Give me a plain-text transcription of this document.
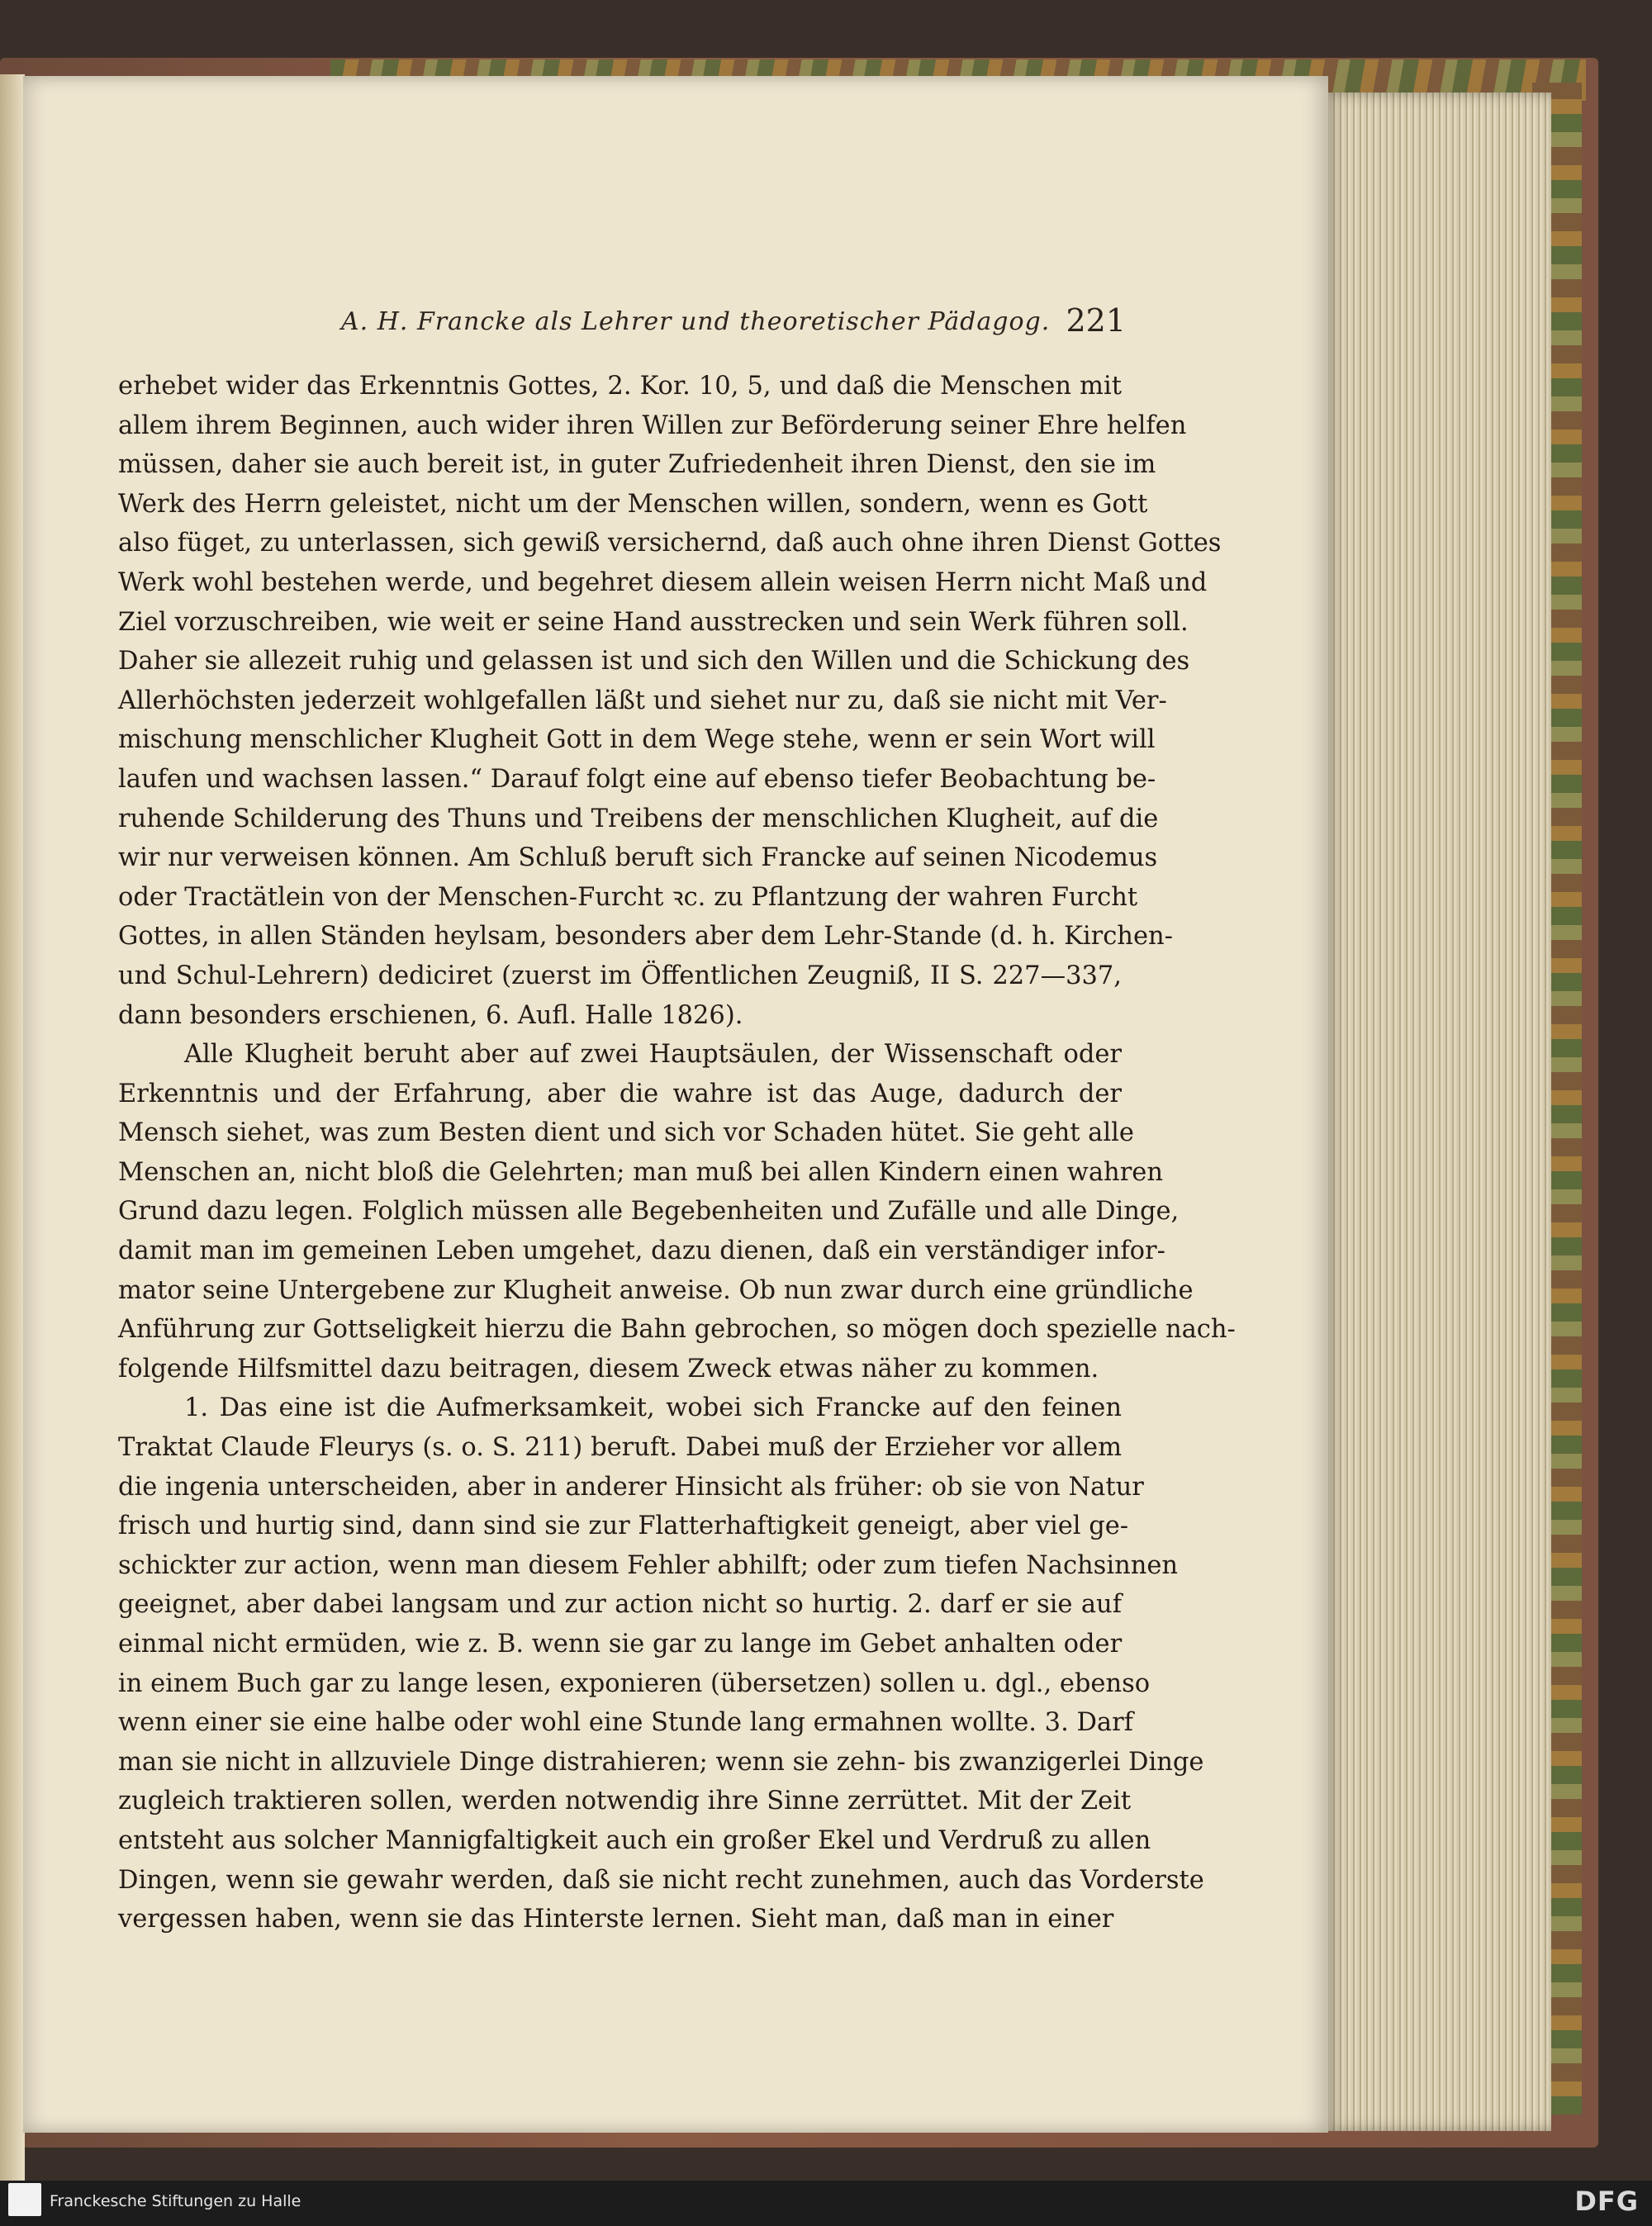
A. H. Francke als Lehrer und theoretischer Pädagog. 221
erhebet wider das Erkenntnis Gottes, 2. Kor. 10, 5, und daß die Menschen mit
allem ihrem Beginnen, auch wider ihren Willen zur Beförderung seiner Ehre helfen
müssen, daher sie auch bereit ist, in guter Zufriedenheit ihren Dienst, den sie im
Werk des Herrn geleistet, nicht um der Menschen willen, sondern, wenn es Gott
also füget, zu unterlassen, sich gewiß versichernd, daß auch ohne ihren Dienst Gottes
Werk wohl bestehen werde, und begehret diesem allein weisen Herrn nicht Maß und
Ziel vorzuschreiben, wie weit er seine Hand ausstrecken und sein Werk führen soll.
Daher sie allezeit ruhig und gelassen ist und sich den Willen und die Schickung des
Allerhöchsten jederzeit wohlgefallen läßt und siehet nur zu, daß sie nicht mit Ver-
mischung menschlicher Klugheit Gott in dem Wege stehe, wenn er sein Wort will
laufen und wachsen lassen.“ Darauf folgt eine auf ebenso tiefer Beobachtung be-
ruhende Schilderung des Thuns und Treibens der menschlichen Klugheit, auf die
wir nur verweisen können. Am Schluß beruft sich Francke auf seinen Nicodemus
oder Tractätlein von der Menschen-Furcht ꝛc. zu Pflantzung der wahren Furcht
Gottes, in allen Ständen heylsam, besonders aber dem Lehr-Stande (d. h. Kirchen-
und Schul-Lehrern) dediciret (zuerst im Öffentlichen Zeugniß, II S. 227—337,
dann besonders erschienen, 6. Aufl. Halle 1826).
Alle Klugheit beruht aber auf zwei Hauptsäulen, der Wissenschaft oder
Erkenntnis und der Erfahrung, aber die wahre ist das Auge, dadurch der
Mensch siehet, was zum Besten dient und sich vor Schaden hütet. Sie geht alle
Menschen an, nicht bloß die Gelehrten; man muß bei allen Kindern einen wahren
Grund dazu legen. Folglich müssen alle Begebenheiten und Zufälle und alle Dinge,
damit man im gemeinen Leben umgehet, dazu dienen, daß ein verständiger infor-
mator seine Untergebene zur Klugheit anweise. Ob nun zwar durch eine gründliche
Anführung zur Gottseligkeit hierzu die Bahn gebrochen, so mögen doch spezielle nach-
folgende Hilfsmittel dazu beitragen, diesem Zweck etwas näher zu kommen.
1. Das eine ist die Aufmerksamkeit, wobei sich Francke auf den feinen
Traktat Claude Fleurys (s. o. S. 211) beruft. Dabei muß der Erzieher vor allem
die ingenia unterscheiden, aber in anderer Hinsicht als früher: ob sie von Natur
frisch und hurtig sind, dann sind sie zur Flatterhaftigkeit geneigt, aber viel ge-
schickter zur action, wenn man diesem Fehler abhilft; oder zum tiefen Nachsinnen
geeignet, aber dabei langsam und zur action nicht so hurtig. 2. darf er sie auf
einmal nicht ermüden, wie z. B. wenn sie gar zu lange im Gebet anhalten oder
in einem Buch gar zu lange lesen, exponieren (übersetzen) sollen u. dgl., ebenso
wenn einer sie eine halbe oder wohl eine Stunde lang ermahnen wollte. 3. Darf
man sie nicht in allzuviele Dinge distrahieren; wenn sie zehn- bis zwanzigerlei Dinge
zugleich traktieren sollen, werden notwendig ihre Sinne zerrüttet. Mit der Zeit
entsteht aus solcher Mannigfaltigkeit auch ein großer Ekel und Verdruß zu allen
Dingen, wenn sie gewahr werden, daß sie nicht recht zunehmen, auch das Vorderste
vergessen haben, wenn sie das Hinterste lernen. Sieht man, daß man in einer
Franckesche Stiftungen zu Halle	DFG
